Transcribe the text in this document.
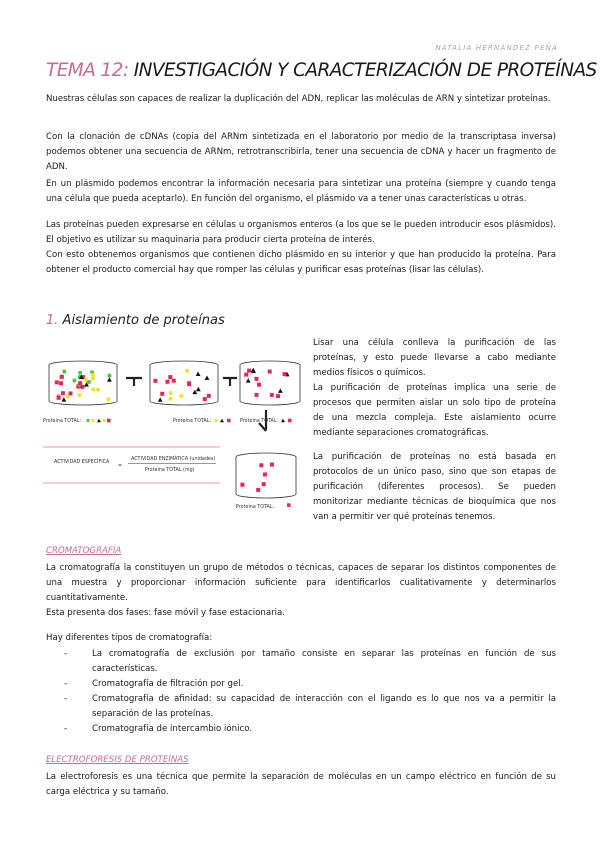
NATALIA HERNÁNDEZ PEÑA
TEMA 12: INVESTIGACIÓN Y CARACTERIZACIÓN DE PROTEÍNAS

Nuestras células son capaces de realizar la duplicación del ADN, replicar las moléculas de ARN y sintetizar proteínas.

Con la clonación de cDNAs (copia del ARNm sintetizada en el laboratorio por medio de la transcriptasa inversa) podemos obtener una secuencia de ARNm, retrotranscribirla, tener una secuencia de cDNA y hacer un fragmento de ADN.

En un plásmido podemos encontrar la información necesaria para sintetizar una proteína (siempre y cuando tenga una célula que pueda aceptarlo). En función del organismo, el plásmido va a tener unas características u otras.

Las proteínas pueden expresarse en células u organismos enteros (a los que se le pueden introducir esos plásmidos). El objetivo es utilizar su maquinaria para producir cierta proteína de interés.

Con esto obtenemos organismos que contienen dicho plásmido en su interior y que han producido la proteína. Para obtener el producto comercial hay que romper las células y purificar esas proteínas (lisar las células).

1. Aislamiento de proteínas
Proteína TOTAL:	Proteína TOTAL:	Proteína TOTAL:
Proteína TOTAL:
ACTIVIDAD ESPECÍFICA
=
ACTIVIDAD ENZIMÁTICA (unidades)
Proteína TOTAL (mg)

Lisar una célula conlleva la purificación de las proteínas, y esto puede llevarse a cabo mediante medios físicos o químicos.

La purificación de proteínas implica una serie de procesos que permiten aislar un solo tipo de proteína de una mezcla compleja. Este aislamiento ocurre mediante separaciones cromatográficas.

La purificación de proteínas no está basada en protocolos de un único paso, sino que son etapas de purificación (diferentes procesos). Se pueden monitorizar mediante técnicas de bioquímica que nos van a permitir ver qué proteínas tenemos.

CROMATOGRAFÍA

La cromatografía la constituyen un grupo de métodos o técnicas, capaces de separar los distintos componentes de una muestra y proporcionar información suficiente para identificarlos cualitativamente y determinarlos cuantitativamente.

Esta presenta dos fases: fase móvil y fase estacionaria.

Hay diferentes tipos de cromatografía:

- La cromatografía de exclusión por tamaño consiste en separar las proteínas en función de sus características.
- Cromatografía de filtración por gel.
- Cromatografía de afinidad: su capacidad de interacción con el ligando es lo que nos va a permitir la separación de las proteínas.
- Cromatografía de intercambio iónico.
ELECTROFORESIS DE PROTEÍNAS

La electroforesis es una técnica que permite la separación de moléculas en un campo eléctrico en función de su carga eléctrica y su tamaño.
